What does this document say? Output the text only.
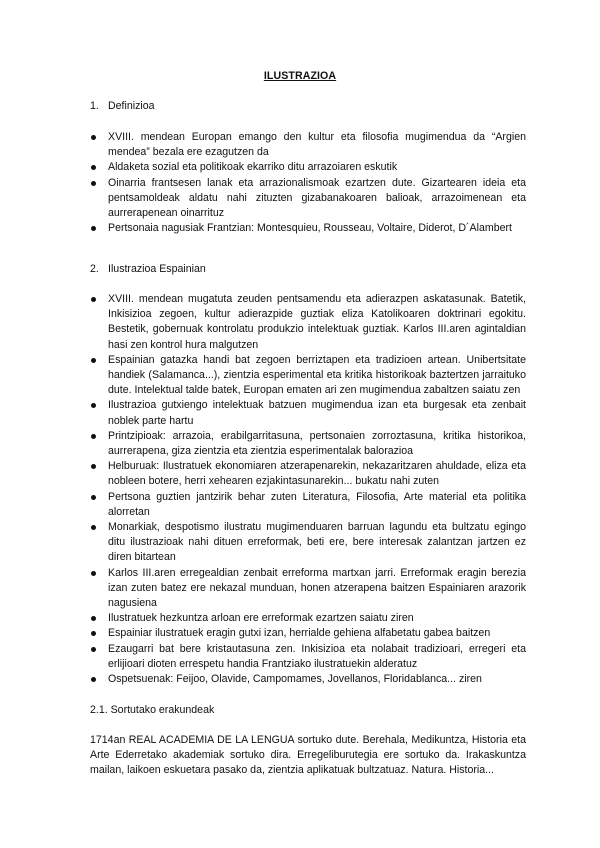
ILUSTRAZIOA
1. Definizioa
XVIII. mendean Europan emango den kultur eta filosofia mugimendua da “Argien mendea” bezala ere ezagutzen da
Aldaketa sozial eta politikoak ekarriko ditu arrazoiaren eskutik
Oinarria frantsesen lanak eta arrazionalismoak ezartzen dute. Gizartearen ideia eta pentsamoldeak aldatu nahi zituzten gizabanakoaren balioak, arrazoimenean eta aurrerapenean oinarrituz
Pertsonaia nagusiak Frantzian: Montesquieu, Rousseau, Voltaire, Diderot, D´Alambert
2. Ilustrazioa Espainian
XVIII. mendean mugatuta zeuden pentsamendu eta adierazpen askatasunak. Batetik, Inkisizioa zegoen, kultur adierazpide guztiak eliza Katolikoaren doktrinari egokitu. Bestetik, gobernuak kontrolatu produkzio intelektuak guztiak. Karlos III.aren agintaldian hasi zen kontrol hura malgutzen
Espainian gatazka handi bat zegoen berriztapen eta tradizioen artean. Unibertsitate handiek (Salamanca...), zientzia esperimental eta kritika historikoak baztertzen jarraituko dute. Intelektual talde batek, Europan ematen ari zen mugimendua zabaltzen saiatu zen
Ilustrazioa gutxiengo intelektuak batzuen mugimendua izan eta burgesak eta zenbait noblek parte hartu
Printzipioak: arrazoia, erabilgarritasuna, pertsonaien zorroztasuna, kritika historikoa, aurrerapena, giza zientzia eta zientzia esperimentalak balorazioa
Helburuak: Ilustratuek ekonomiaren atzerapenarekin, nekazaritzaren ahuldade, eliza eta nobleen botere, herri xehearen ezjakintasunarekin... bukatu nahi zuten
Pertsona guztien jantzirik behar zuten Literatura, Filosofia, Arte material eta politika alorretan
Monarkiak, despotismo ilustratu mugimenduaren barruan lagundu eta bultzatu egingo ditu ilustrazioak nahi dituen erreformak, beti ere, bere interesak zalantzan jartzen ez diren bitartean
Karlos III.aren erregealdian zenbait erreforma martxan jarri. Erreformak eragin berezia izan zuten batez ere nekazal munduan, honen atzerapena baitzen Espainiaren arazorik nagusiena
Ilustratuek hezkuntza arloan ere erreformak ezartzen saiatu ziren
Espainiar ilustratuek eragin gutxi izan, herrialde gehiena alfabetatu gabea baitzen
Ezaugarri bat bere kristautasuna zen. Inkisizioa eta nolabait tradizioari, erregeri eta erlijioari dioten errespetu handia Frantziako ilustratuekin alderatuz
Ospetsuenak: Feijoo, Olavide, Campomames, Jovellanos, Floridablanca... ziren
2.1. Sortutako erakundeak

1714an REAL ACADEMIA DE LA LENGUA sortuko dute. Berehala, Medikuntza, Historia eta Arte Ederretako akademiak sortuko dira. Erregeliburutegia ere sortuko da. Irakaskuntza mailan, laikoen eskuetara pasako da, zientzia aplikatuak bultzatuaz. Natura. Historia...
